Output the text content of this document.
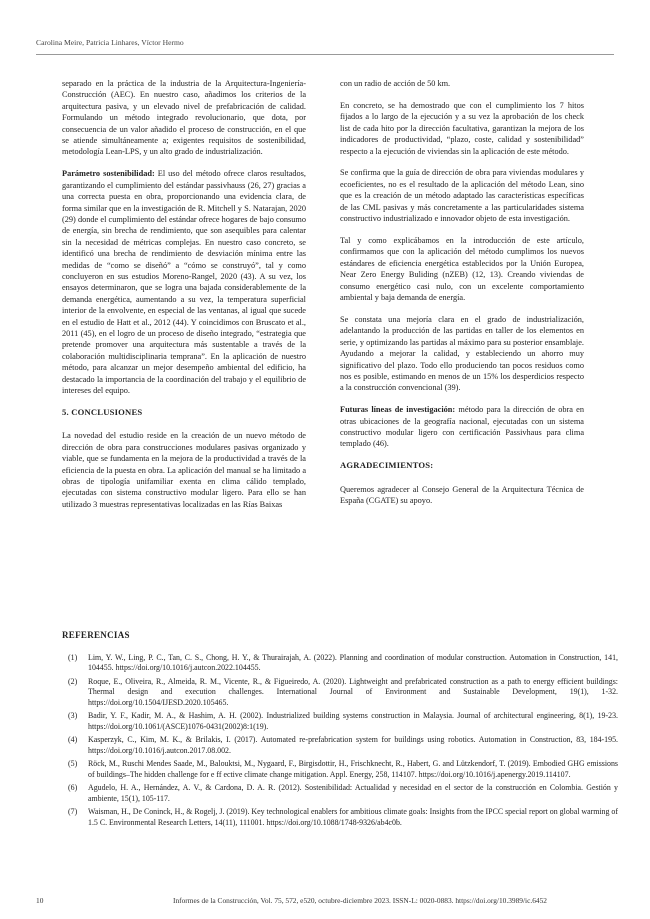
Carolina Meire, Patricia Linhares, Víctor Hermo

separado en la práctica de la industria de la Arquitectura-Ingeniería-Construcción (AEC). En nuestro caso, añadimos los criterios de la arquitectura pasiva, y un elevado nivel de prefabricación de calidad. Formulando un método integrado revolucionario, que dota, por consecuencia de un valor añadido el proceso de construcción, en el que se atiende simultáneamente a; exigentes requisitos de sostenibilidad, metodología Lean-LPS, y un alto grado de industrialización.

Parámetro sostenibilidad: El uso del método ofrece claros resultados, garantizando el cumplimiento del estándar passivhauss (26, 27) gracias a una correcta puesta en obra, proporcionando una evidencia clara, de forma similar que en la investigación de R. Mitchell y S. Natarajan, 2020 (29) donde el cumplimiento del estándar ofrece hogares de bajo consumo de energía, sin brecha de rendimiento, que son asequibles para calentar sin la necesidad de métricas complejas. En nuestro caso concreto, se identificó una brecha de rendimiento de desviación mínima entre las medidas de “como se diseñó” a “cómo se construyó”, tal y como concluyeron en sus estudios Moreno-Rangel, 2020 (43). A su vez, los ensayos determinaron, que se logra una bajada considerablemente de la demanda energética, aumentando a su vez, la temperatura superficial interior de la envolvente, en especial de las ventanas, al igual que sucede en el estudio de Hatt et al., 2012 (44). Y coincidimos con Bruscato et al., 2011 (45), en el logro de un proceso de diseño integrado, “estrategia que pretende promover una arquitectura más sustentable a través de la colaboración multidisciplinaria temprana”. En la aplicación de nuestro método, para alcanzar un mejor desempeño ambiental del edificio, ha destacado la importancia de la coordinación del trabajo y el equilibrio de intereses del equipo.

5. CONCLUSIONES

La novedad del estudio reside en la creación de un nuevo método de dirección de obra para construcciones modulares pasivas organizado y viable, que se fundamenta en la mejora de la productividad a través de la eficiencia de la puesta en obra. La aplicación del manual se ha limitado a obras de tipología unifamiliar exenta en clima cálido templado, ejecutadas con sistema constructivo modular ligero. Para ello se han utilizado 3 muestras representativas localizadas en las Rías Baixas

con un radio de acción de 50 km.

En concreto, se ha demostrado que con el cumplimiento los 7 hitos fijados a lo largo de la ejecución y a su vez la aprobación de los check list de cada hito por la dirección facultativa, garantizan la mejora de los indicadores de productividad, “plazo, coste, calidad y sostenibilidad” respecto a la ejecución de viviendas sin la aplicación de este método.

Se confirma que la guía de dirección de obra para viviendas modulares y ecoeficientes, no es el resultado de la aplicación del método Lean, sino que es la creación de un método adaptado las características específicas de las CML pasivas y más concretamente a las particularidades sistema constructivo industrializado e innovador objeto de esta investigación.

Tal y como explicábamos en la introducción de este artículo, confirmamos que con la aplicación del método cumplimos los nuevos estándares de eficiencia energética establecidos por la Unión Europea, Near Zero Energy Buliding (nZEB) (12, 13). Creando viviendas de consumo energético casi nulo, con un excelente comportamiento ambiental y baja demanda de energía.

Se constata una mejoría clara en el grado de industrialización, adelantando la producción de las partidas en taller de los elementos en serie, y optimizando las partidas al máximo para su posterior ensamblaje. Ayudando a mejorar la calidad, y estableciendo un ahorro muy significativo del plazo. Todo ello produciendo tan pocos residuos como nos es posible, estimando en menos de un 15% los desperdicios respecto a la construcción convencional (39).

Futuras líneas de investigación: método para la dirección de obra en otras ubicaciones de la geografía nacional, ejecutadas con un sistema constructivo modular ligero con certificación Passivhaus para clima templado (46).

AGRADECIMIENTOS:

Queremos agradecer al Consejo General de la Arquitectura Técnica de España (CGATE) su apoyo.

REFERENCIAS
(1)	Lim, Y. W., Ling, P. C., Tan, C. S., Chong, H. Y., & Thurairajah, A. (2022). Planning and coordination of modular construction. Automation in Construction, 141, 104455. https://doi.org/10.1016/j.autcon.2022.104455.
(2)	Roque, E., Oliveira, R., Almeida, R. M., Vicente, R., & Figueiredo, A. (2020). Lightweight and prefabricated construction as a path to energy efficient buildings: Thermal design and execution challenges. International Journal of Environment and Sustainable Development, 19(1), 1-32. https://doi.org/10.1504/IJESD.2020.105465.
(3)	Badir, Y. F., Kadir, M. A., & Hashim, A. H. (2002). Industrialized building systems construction in Malaysia. Journal of architectural engineering, 8(1), 19-23. https://doi.org/10.1061/(ASCE)1076-0431(2002)8:1(19).
(4)	Kasperzyk, C., Kim, M. K., & Brilakis, I. (2017). Automated re-prefabrication system for buildings using robotics. Automation in Construction, 83, 184-195. https://doi.org/10.1016/j.autcon.2017.08.002.
(5)	Röck, M., Ruschi Mendes Saade, M., Balouktsi, M., Nygaard, F., Birgisdottir, H., Frischknecht, R., Habert, G. and Lützkendorf, T. (2019). Embodied GHG emissions of buildings–The hidden challenge for e ff ective climate change mitigation. Appl. Energy, 258, 114107. https://doi.org/10.1016/j.apenergy.2019.114107.
(6)	Agudelo, H. A., Hernández, A. V., & Cardona, D. A. R. (2012). Sostenibilidad: Actualidad y necesidad en el sector de la construcción en Colombia. Gestión y ambiente, 15(1), 105-117.
(7)	Waisman, H., De Coninck, H., & Rogelj, J. (2019). Key technological enablers for ambitious climate goals: Insights from the IPCC special report on global warming of 1.5 C. Environmental Research Letters, 14(11), 111001. https://doi.org/10.1088/1748-9326/ab4c0b.
10	Informes de la Construcción, Vol. 75, 572, e520, octubre-diciembre 2023. ISSN-L: 0020-0883. https://doi.org/10.3989/ic.6452
